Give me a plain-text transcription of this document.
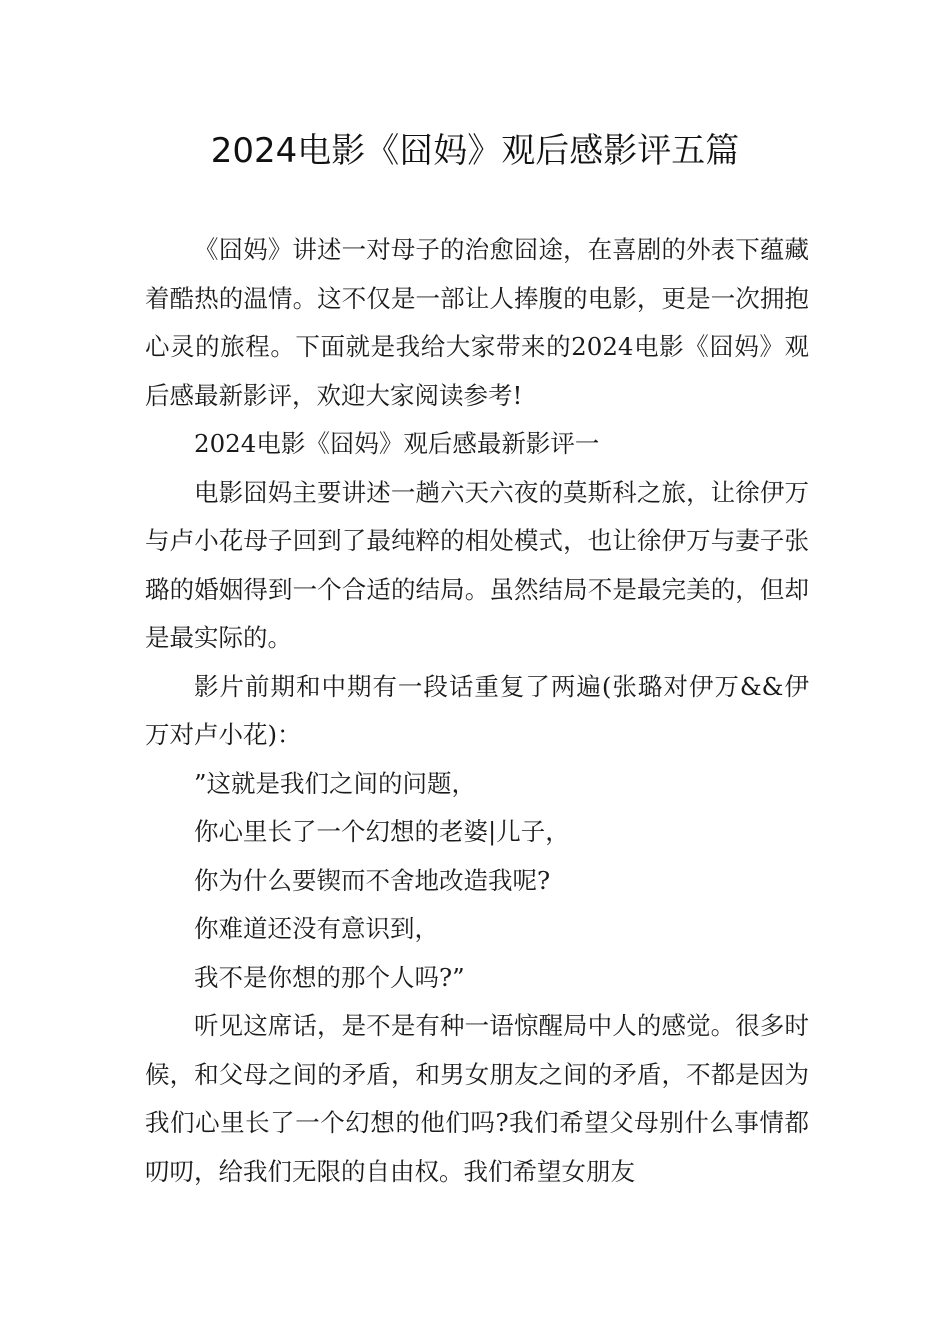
2024电影《囧妈》观后感影评五篇

《囧妈》讲述一对母子的治愈囧途，在喜剧的外表下蕴藏着酷热的温情。这不仅是一部让人捧腹的电影，更是一次拥抱心灵的旅程。下面就是我给大家带来的2024电影《囧妈》观后感最新影评，欢迎大家阅读参考!

2024电影《囧妈》观后感最新影评一

电影囧妈主要讲述一趟六天六夜的莫斯科之旅，让徐伊万与卢小花母子回到了最纯粹的相处模式，也让徐伊万与妻子张璐的婚姻得到一个合适的结局。虽然结局不是最完美的，但却是最实际的。

影片前期和中期有一段话重复了两遍(张璐对伊万&&伊万对卢小花)：

”这就是我们之间的问题，

你心里长了一个幻想的老婆|儿子，

你为什么要锲而不舍地改造我呢?

你难道还没有意识到，

我不是你想的那个人吗?”

听见这席话，是不是有种一语惊醒局中人的感觉。很多时候，和父母之间的矛盾，和男女朋友之间的矛盾，不都是因为我们心里长了一个幻想的他们吗?我们希望父母别什么事情都叨叨，给我们无限的自由权。我们希望女朋友
